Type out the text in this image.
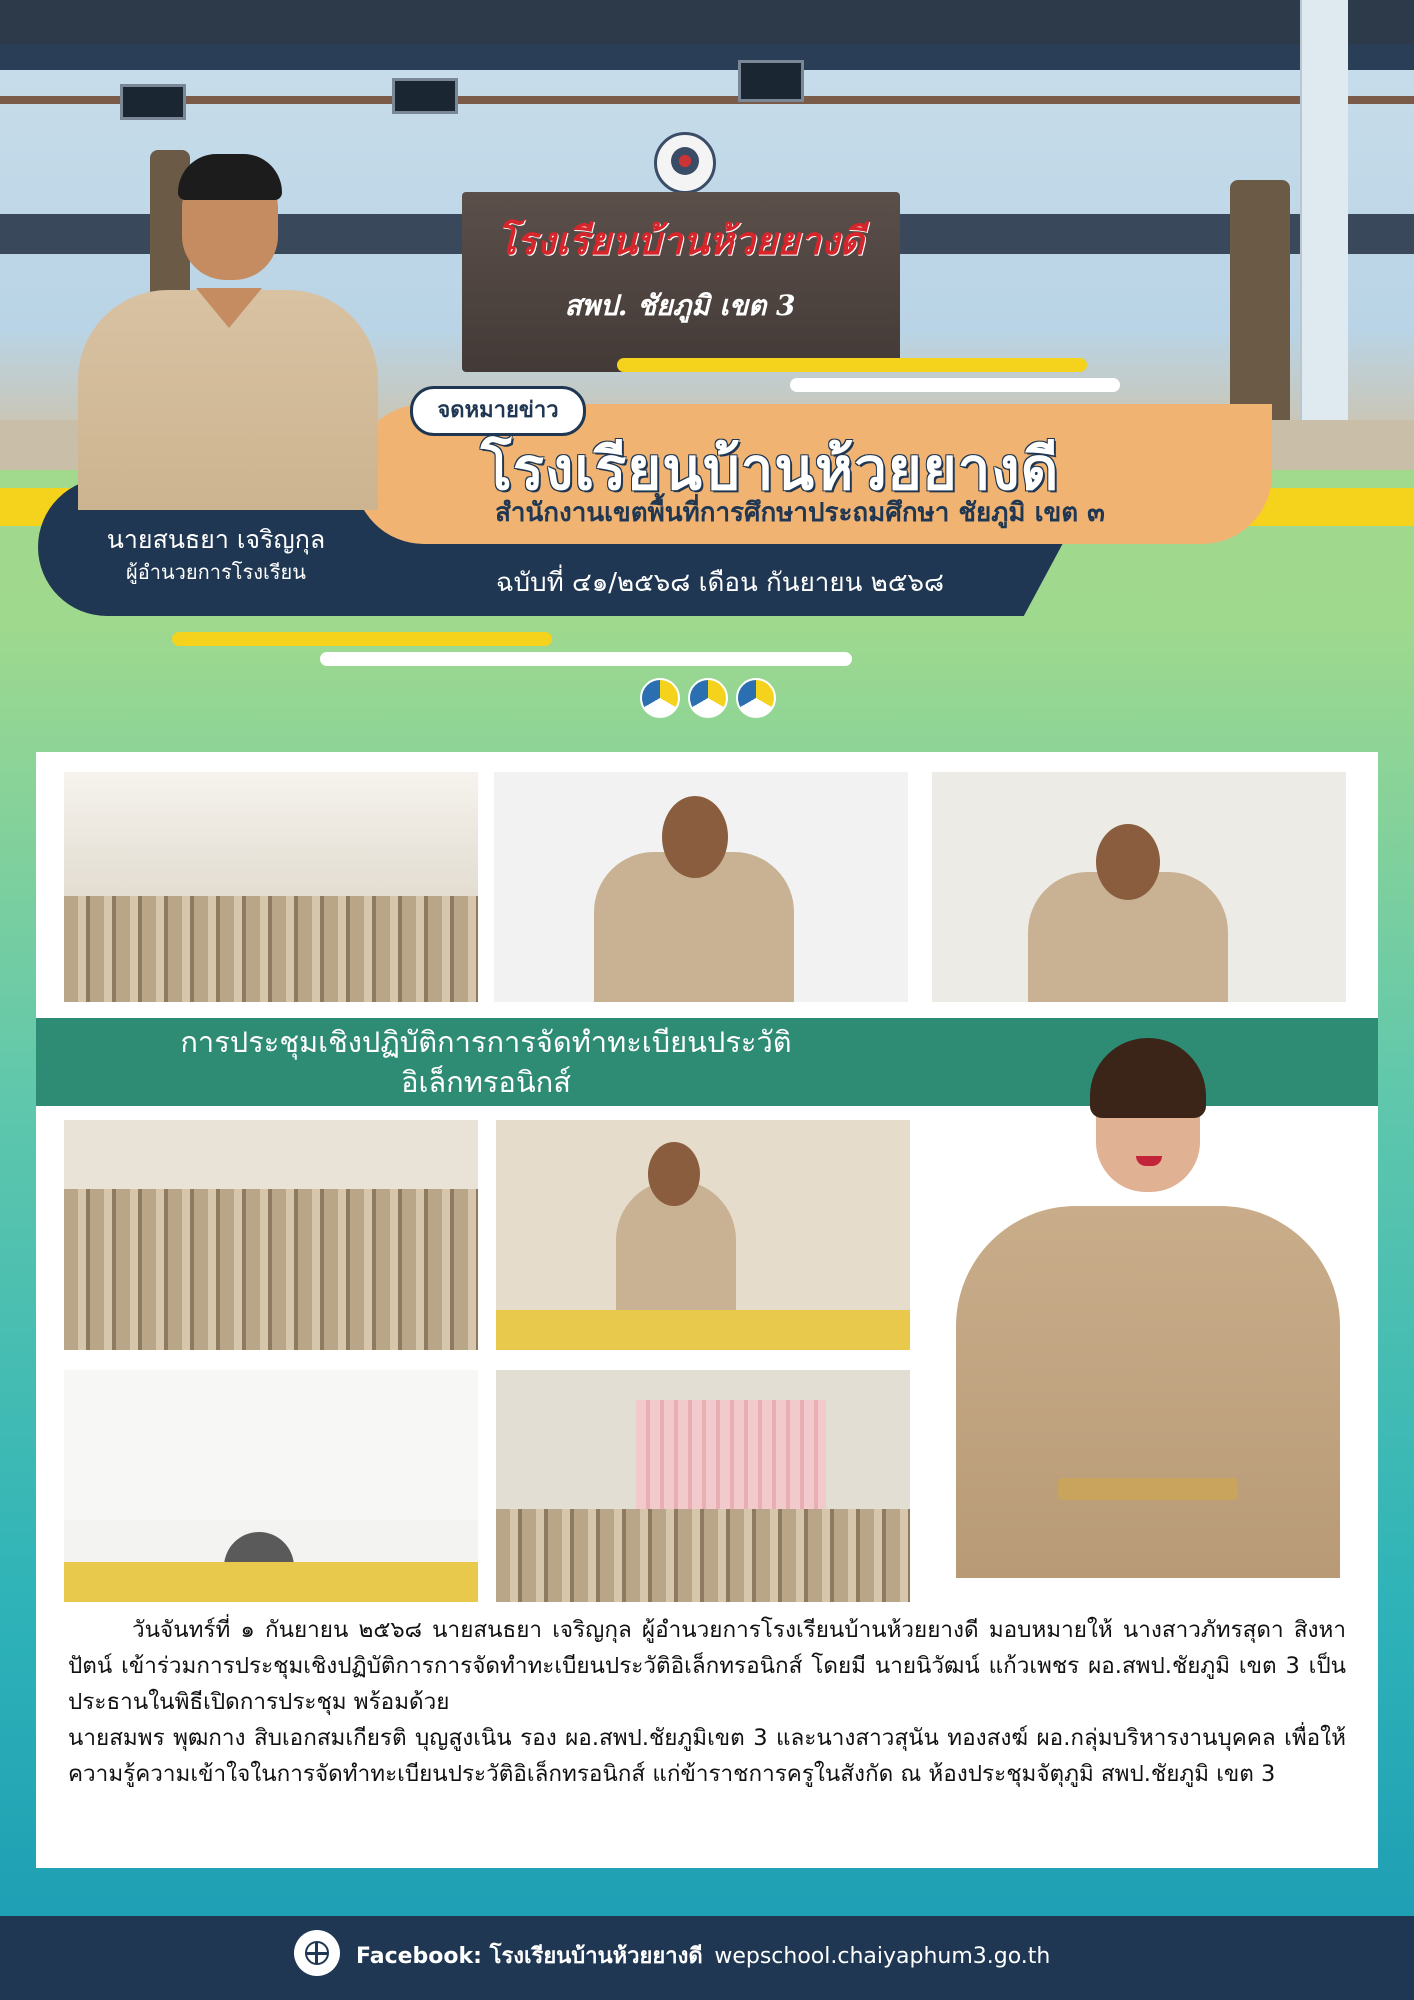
โรงเรียนบ้านห้วยยางดี
สพป. ชัยภูมิ เขต 3
จดหมายข่าว
โรงเรียนบ้านห้วยยางดี
สำนักงานเขตพื้นที่การศึกษาประถมศึกษา ชัยภูมิ เขต ๓
ฉบับที่ ๔๑/๒๕๖๘ เดือน กันยายน ๒๕๖๘
นายสนธยา เจริญกุล
ผู้อำนวยการโรงเรียน
การประชุมเชิงปฏิบัติการการจัดทำทะเบียนประวัติ
อิเล็กทรอนิกส์

วันจันทร์ที่ ๑ กันยายน ๒๕๖๘ นายสนธยา เจริญกุล ผู้อำนวยการโรงเรียนบ้านห้วยยางดี มอบหมายให้ นางสาวภัทรสุดา สิงหาปัตน์ เข้าร่วมการประชุมเชิงปฏิบัติการการจัดทำทะเบียนประวัติอิเล็กทรอนิกส์ โดยมี นายนิวัฒน์ แก้วเพชร ผอ.สพป.ชัยภูมิ เขต 3 เป็นประธานในพิธีเปิดการประชุม พร้อมด้วย

นายสมพร พุฒกาง สิบเอกสมเกียรติ บุญสูงเนิน รอง ผอ.สพป.ชัยภูมิเขต 3 และนางสาวสุนัน ทองสงฆ์ ผอ.กลุ่มบริหารงานบุคคล เพื่อให้ความรู้ความเข้าใจในการจัดทำทะเบียนประวัติอิเล็กทรอนิกส์ แก่ข้าราชการครูในสังกัด ณ ห้องประชุมจัตุภูมิ สพป.ชัยภูมิ เขต 3

Facebook: โรงเรียนบ้านห้วยยางดี wepschool.chaiyaphum3.go.th
